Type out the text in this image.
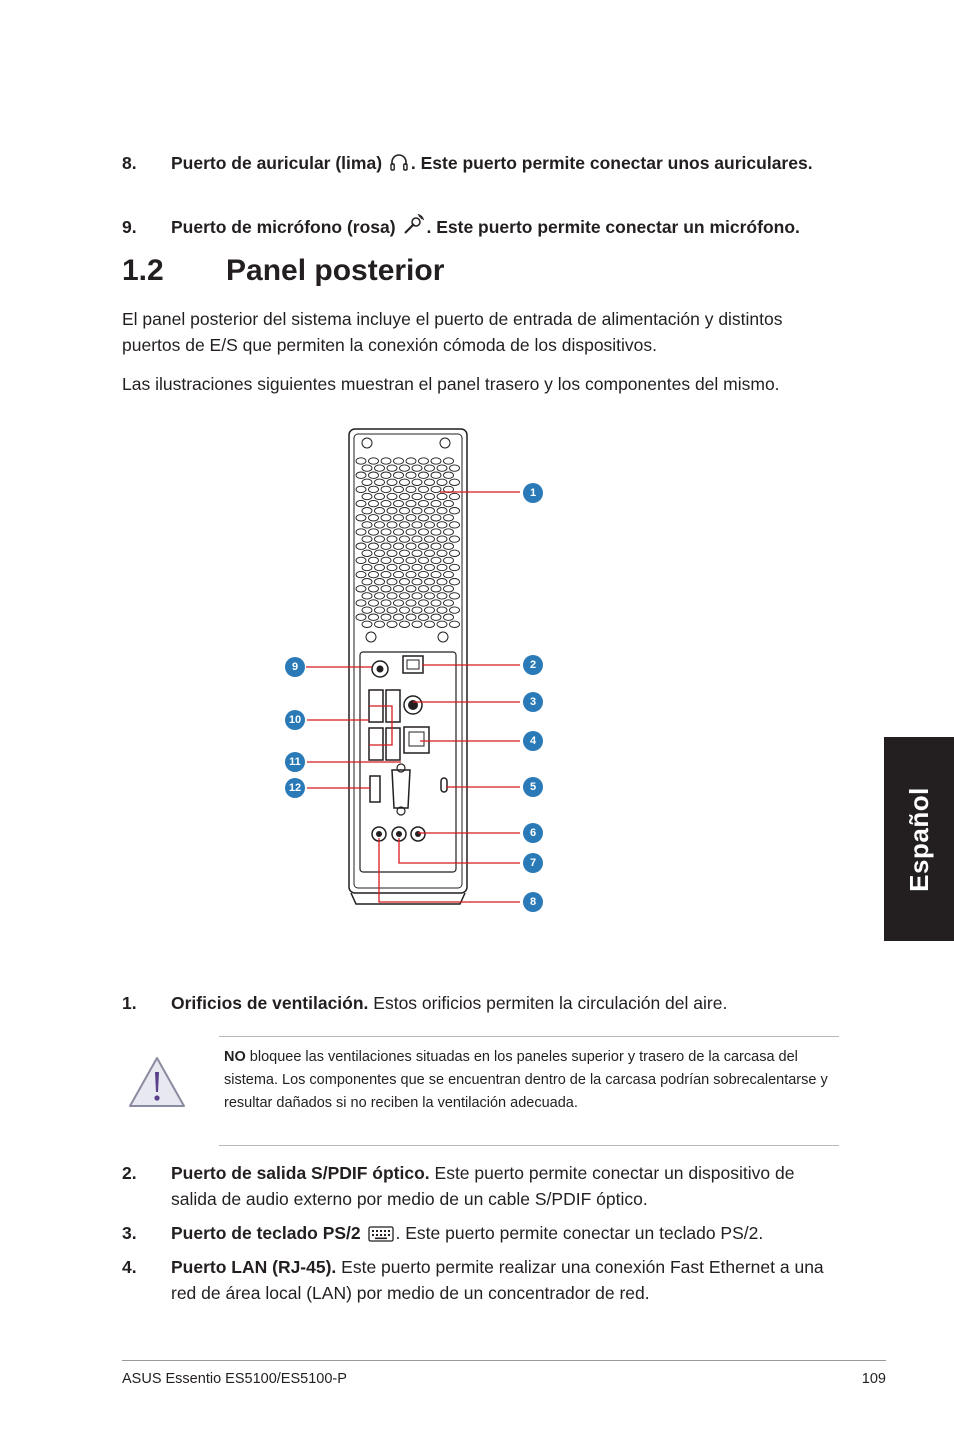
8. Puerto de auricular (lima) . Este puerto permite conectar unos auriculares.
9. Puerto de micrófono (rosa) . Este puerto permite conectar un micrófono.
1.2 Panel posterior
El panel posterior del sistema incluye el puerto de entrada de alimentación y distintos puertos de E/S que permiten la conexión cómoda de los dispositivos.
Las ilustraciones siguientes muestran el panel trasero y los componentes del mismo.
1
2
3
4
5
6
7
8
9
10
11
12	Español
1. Orificios de ventilación. Estos orificios permiten la circulación del aire.
NO bloquee las ventilaciones situadas en los paneles superior y trasero de la carcasa del sistema. Los componentes que se encuentran dentro de la carcasa podrían sobrecalentarse y resultar dañados si no reciben la ventilación adecuada.
2. Puerto de salida S/PDIF óptico. Este puerto permite conectar un dispositivo de salida de audio externo por medio de un cable S/PDIF óptico.
3. Puerto de teclado PS/2 . Este puerto permite conectar un teclado PS/2.
4. Puerto LAN (RJ-45). Este puerto permite realizar una conexión Fast Ethernet a una red de área local (LAN) por medio de un concentrador de red.
ASUS Essentio ES5100/ES5100-P	109
